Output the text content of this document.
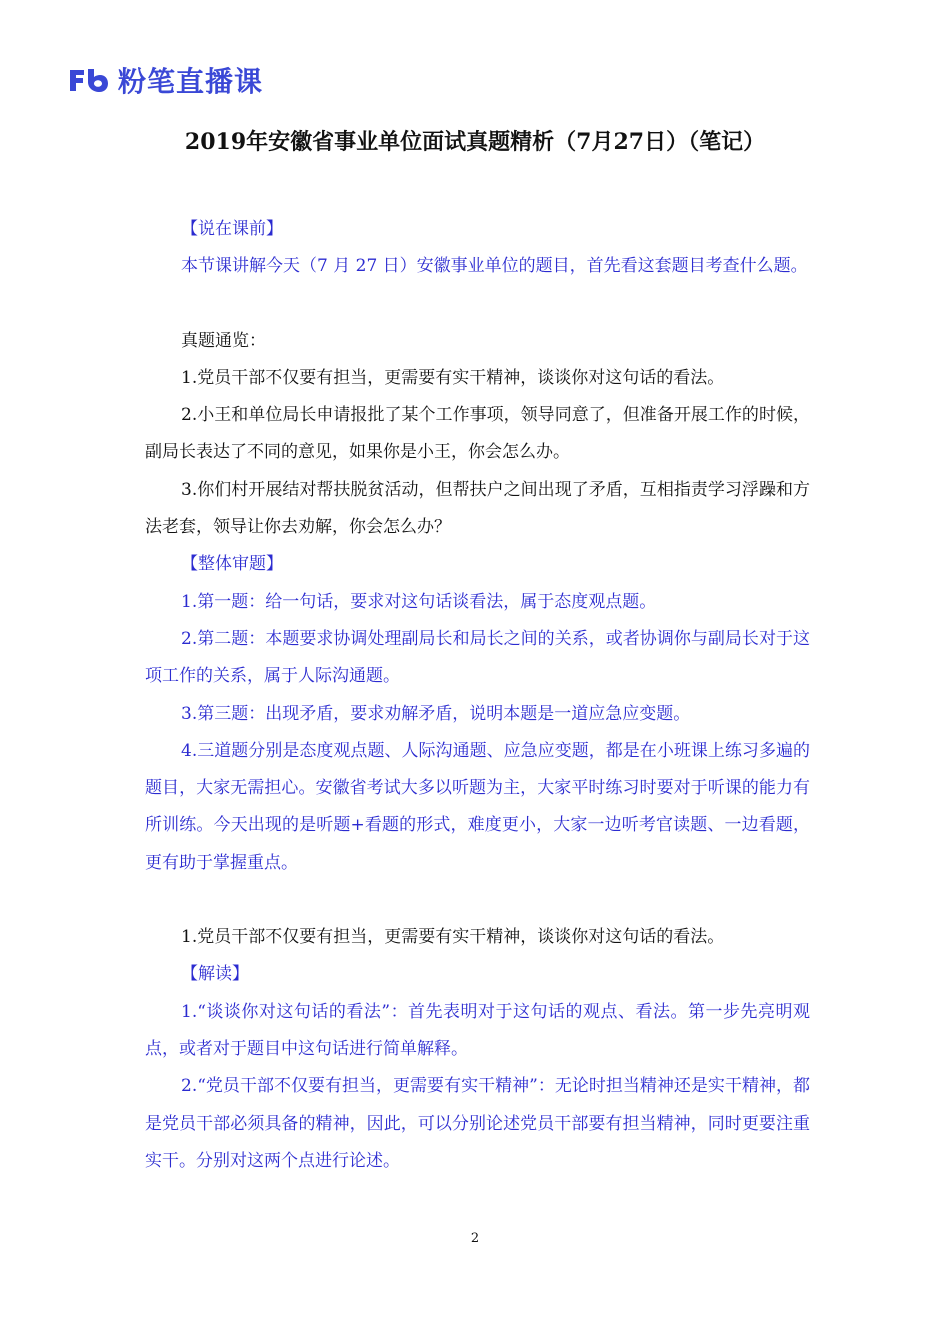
粉笔直播课
2019年安徽省事业单位面试真题精析（7月27日）（笔记）

【说在课前】

本节课讲解今天（7 月 27 日）安徽事业单位的题目，首先看这套题目考查什么题。

真题通览：

1.党员干部不仅要有担当，更需要有实干精神，谈谈你对这句话的看法。

2.小王和单位局长申请报批了某个工作事项，领导同意了，但准备开展工作的时候，副局长表达了不同的意见，如果你是小王，你会怎么办。

3.你们村开展结对帮扶脱贫活动，但帮扶户之间出现了矛盾，互相指责学习浮躁和方法老套，领导让你去劝解，你会怎么办？

【整体审题】

1.第一题：给一句话，要求对这句话谈看法，属于态度观点题。

2.第二题：本题要求协调处理副局长和局长之间的关系，或者协调你与副局长对于这项工作的关系，属于人际沟通题。

3.第三题：出现矛盾，要求劝解矛盾，说明本题是一道应急应变题。

4.三道题分别是态度观点题、人际沟通题、应急应变题，都是在小班课上练习多遍的题目，大家无需担心。安徽省考试大多以听题为主，大家平时练习时要对于听课的能力有所训练。今天出现的是听题+看题的形式，难度更小，大家一边听考官读题、一边看题，更有助于掌握重点。

1.党员干部不仅要有担当，更需要有实干精神，谈谈你对这句话的看法。

【解读】

1.“谈谈你对这句话的看法”：首先表明对于这句话的观点、看法。第一步先亮明观点，或者对于题目中这句话进行简单解释。

2.“党员干部不仅要有担当，更需要有实干精神”：无论时担当精神还是实干精神，都是党员干部必须具备的精神，因此，可以分别论述党员干部要有担当精神，同时更要注重实干。分别对这两个点进行论述。

2
